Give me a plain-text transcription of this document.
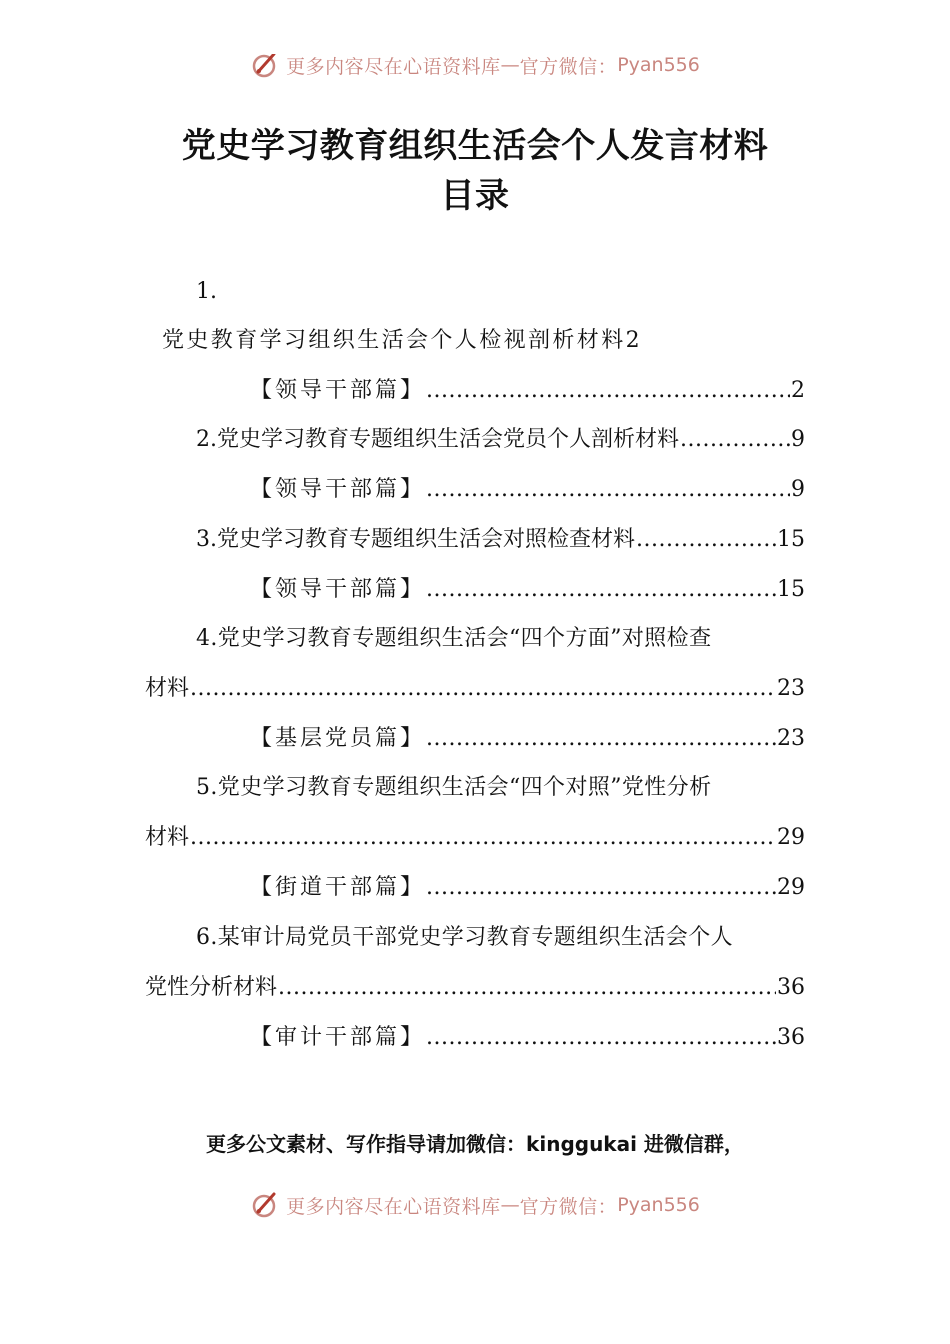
更多内容尽在心语资料库 — 官方微信： Pyan556
党史学习教育组织生活会个人发言材料
目录
1.
党史教育学习组织生活会个人检视剖析材料2
【领导干部篇】 .....	2
2.党史学习教育专题组织生活会党员个人剖析材料 .....	9
【领导干部篇】 .....	9
3.党史学习教育专题组织生活会对照检查材料 .....	15
【领导干部篇】 .....	15
4.党史学习教育专题组织生活会“四个方面”对照检查
材料 .....	23
【基层党员篇】 .....	23
5.党史学习教育专题组织生活会“四个对照”党性分析
材料 .....	29
【街道干部篇】 .....	29
6.某审计局党员干部党史学习教育专题组织生活会个人
党性分析材料 .....	36
【审计干部篇】 .....	36
更多公文素材、写作指导请加微信：kinggukai 进微信群，
更多内容尽在心语资料库 — 官方微信： Pyan556
